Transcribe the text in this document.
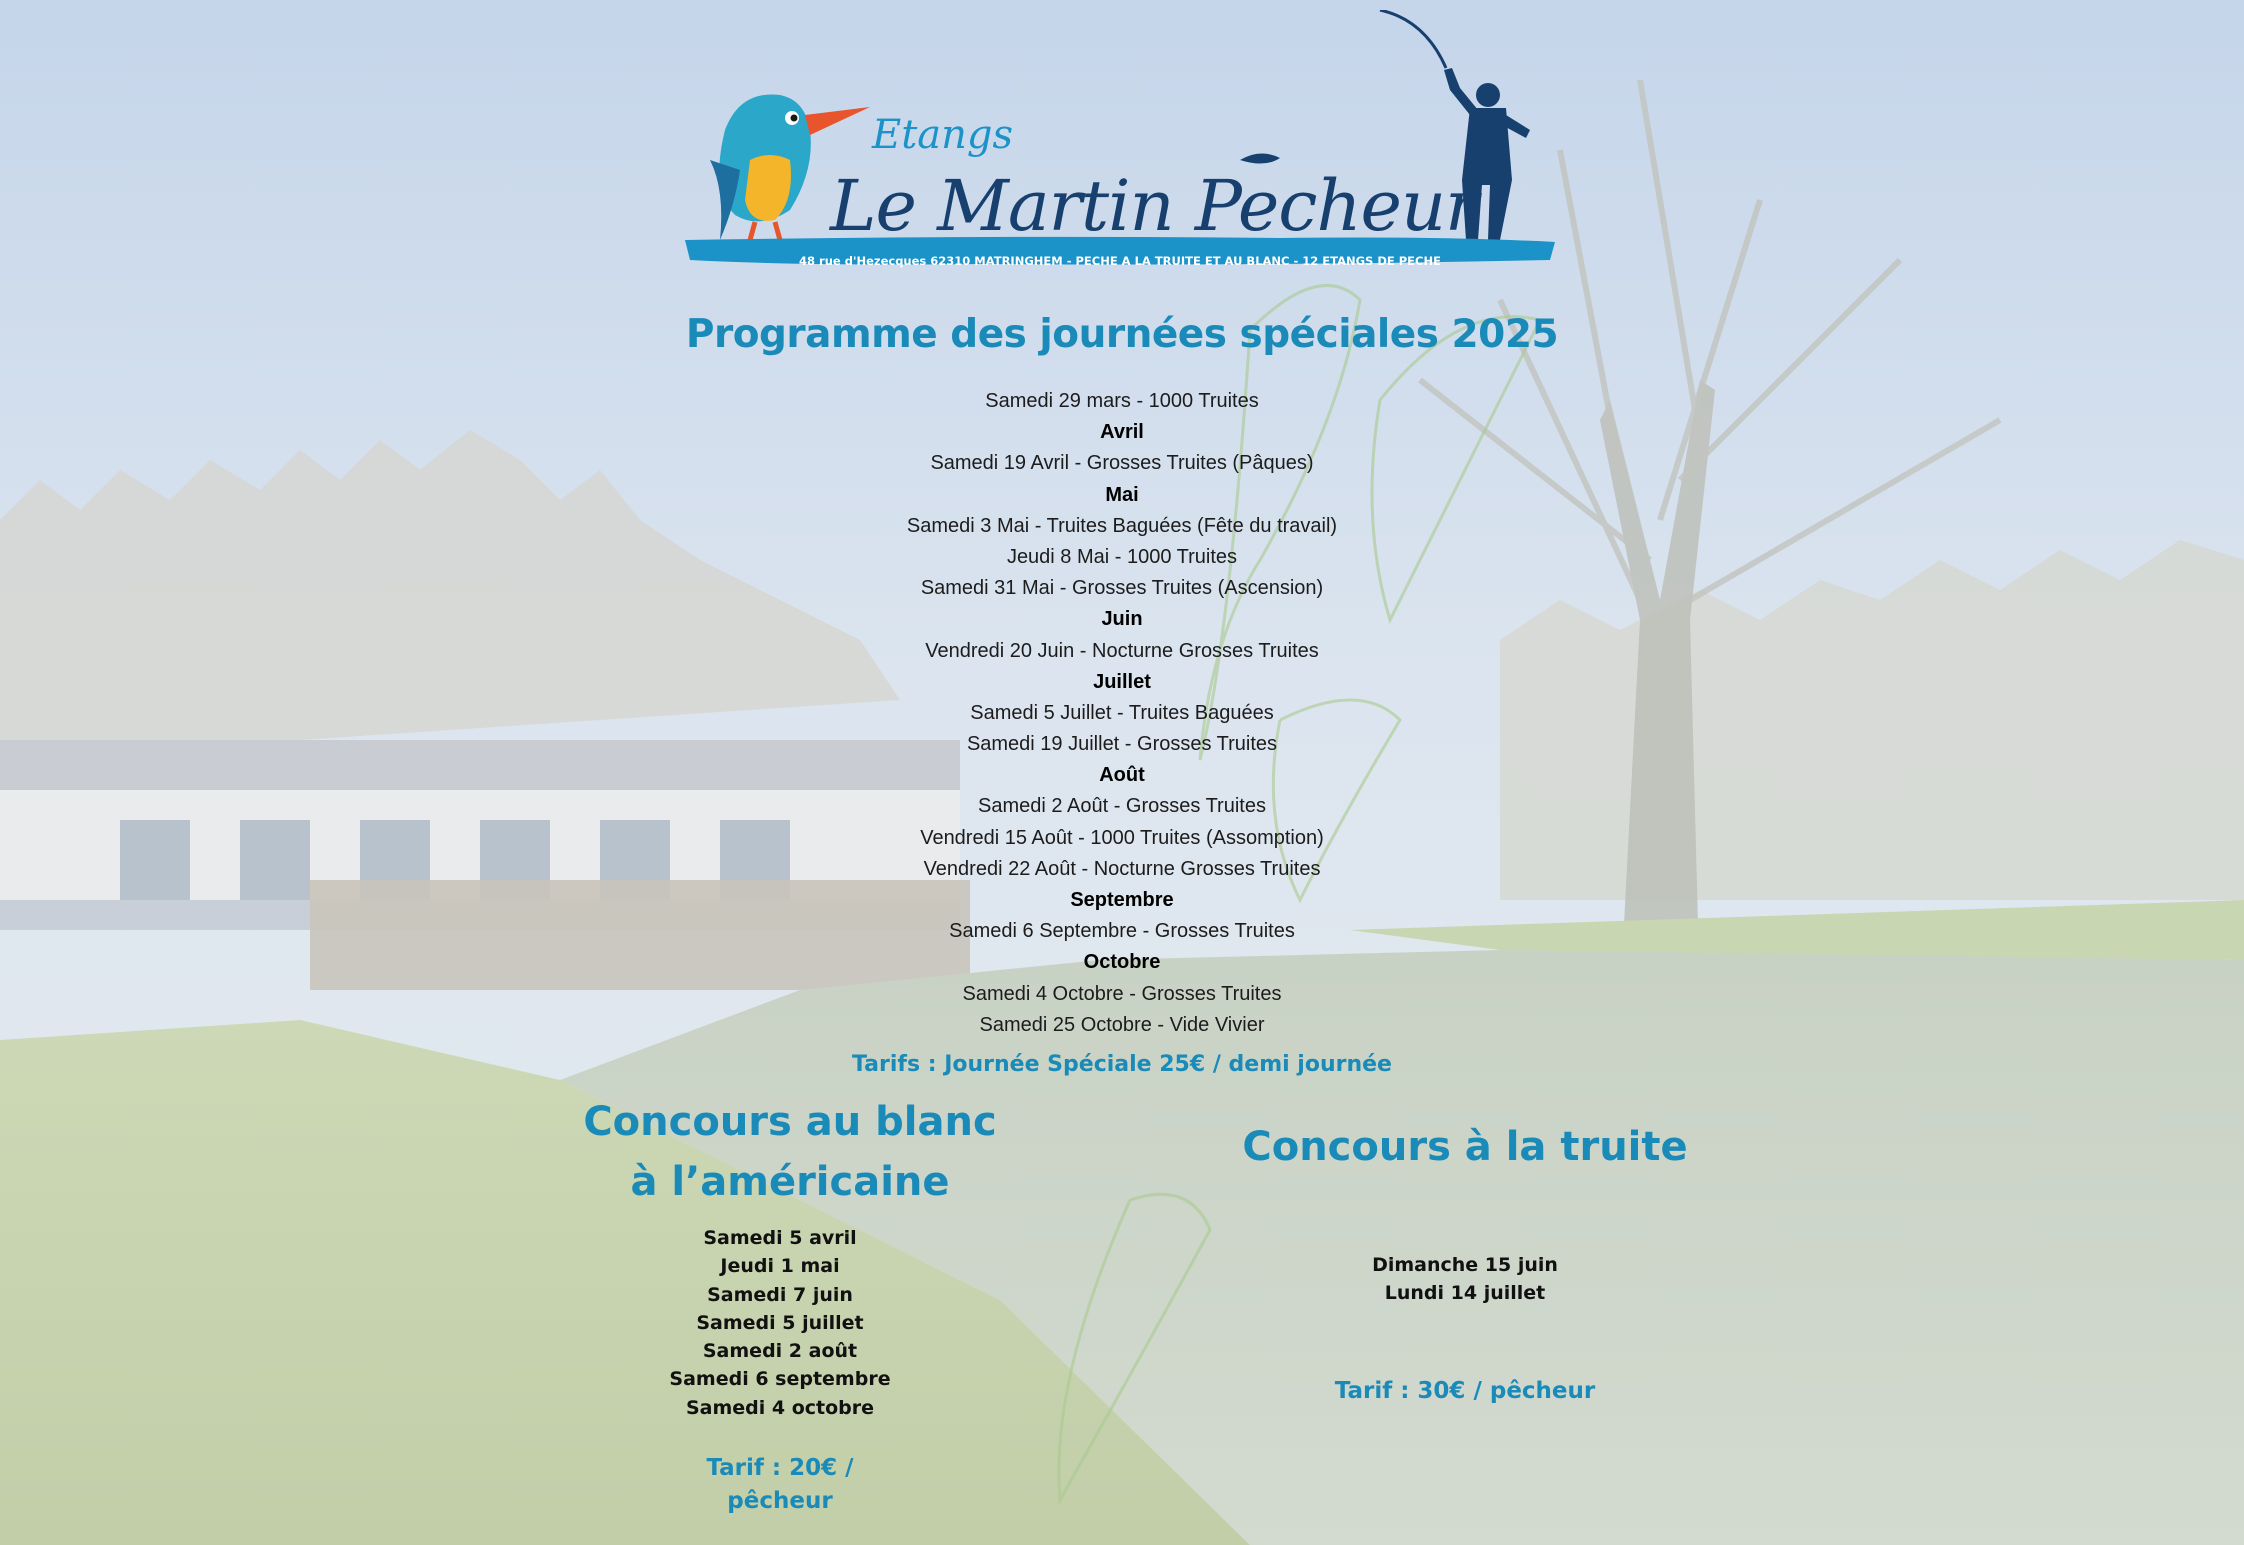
Etangs
Le Martin Pecheur
48 rue d'Hezecques 62310 MATRINGHEM - PECHE A LA TRUITE ET AU BLANC - 12 ETANGS DE PECHE
Programme des journées spéciales 2025
Samedi 29 mars - 1000 Truites
Avril
Samedi 19 Avril - Grosses Truites (Pâques)
Mai
Samedi 3 Mai - Truites Baguées (Fête du travail)
Jeudi 8 Mai - 1000 Truites
Samedi 31 Mai - Grosses Truites (Ascension)
Juin
Vendredi 20 Juin - Nocturne Grosses Truites
Juillet
Samedi 5 Juillet - Truites Baguées
Samedi 19 Juillet - Grosses Truites
Août
Samedi 2 Août - Grosses Truites
Vendredi 15 Août - 1000 Truites (Assomption)
Vendredi 22 Août - Nocturne Grosses Truites
Septembre
Samedi 6 Septembre - Grosses Truites
Octobre
Samedi 4 Octobre - Grosses Truites
Samedi 25 Octobre - Vide Vivier
Tarifs : Journée Spéciale 25€ / demi journée
Concours au blanc
à l’américaine
Samedi 5 avril
Jeudi 1 mai
Samedi 7 juin
Samedi 5 juillet
Samedi 2 août
Samedi 6 septembre
Samedi 4 octobre
Tarif : 20€ /
pêcheur
Concours à la truite
Dimanche 15 juin
Lundi 14 juillet
Tarif : 30€ / pêcheur
